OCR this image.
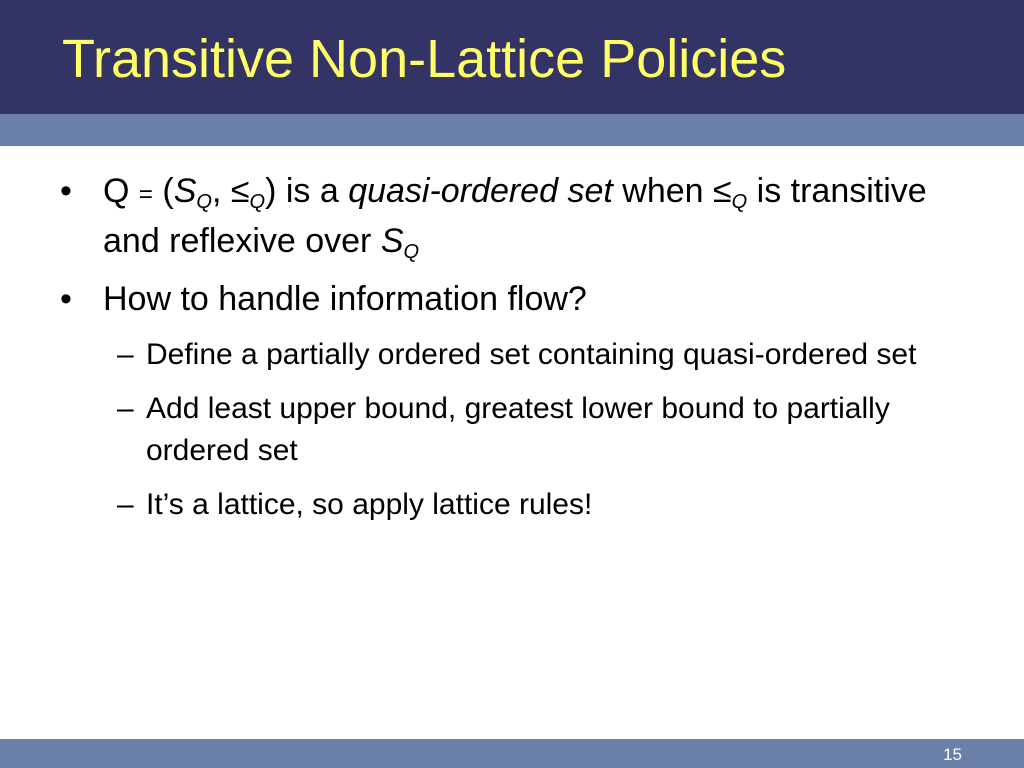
Transitive Non-Lattice Policies
• $Q = (S_Q$, $\le_Q$) is a quasi-ordered set when $\le_Q$ is transitive and reflexive over $S_Q$
• How to handle information flow?
– Define a partially ordered set containing quasi-ordered set
– Add least upper bound, greatest lower bound to partially ordered set
– It’s a lattice, so apply lattice rules!
15
